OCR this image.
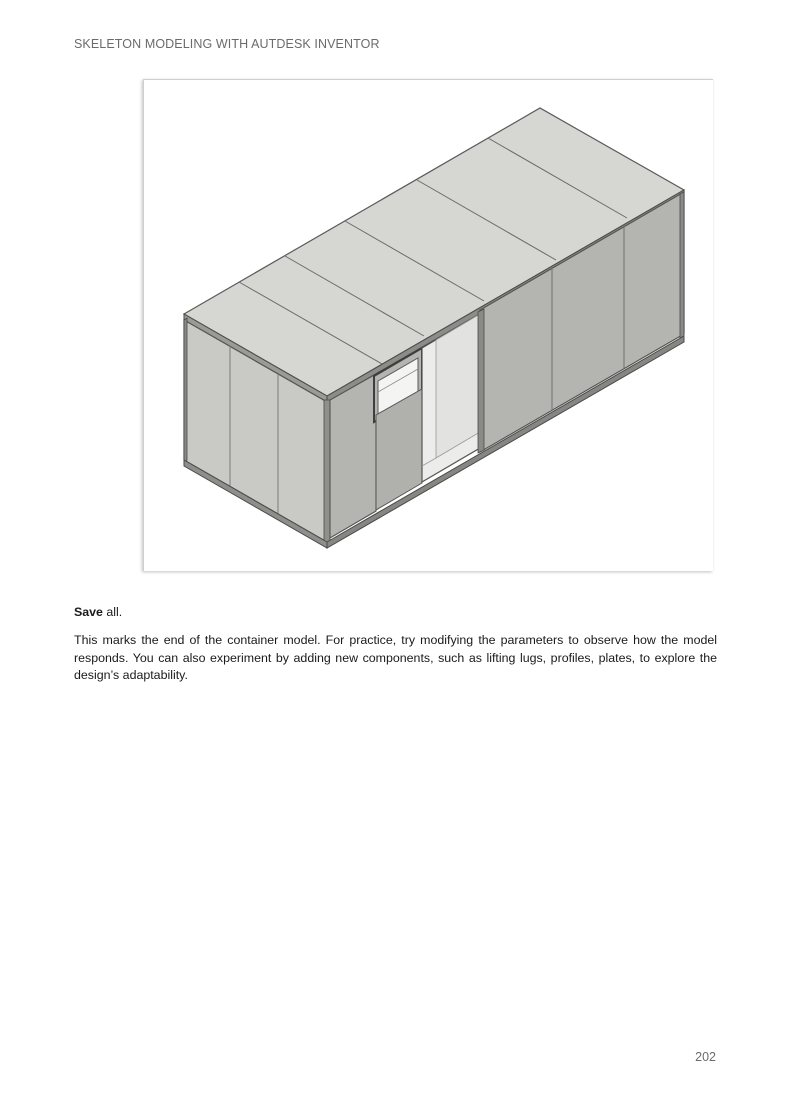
SKELETON MODELING WITH AUTDESK INVENTOR

Save all.

This marks the end of the container model. For practice, try modifying the parameters to observe how the model responds. You can also experiment by adding new components, such as lifting lugs, profiles, plates, to explore the design’s adaptability.

202
